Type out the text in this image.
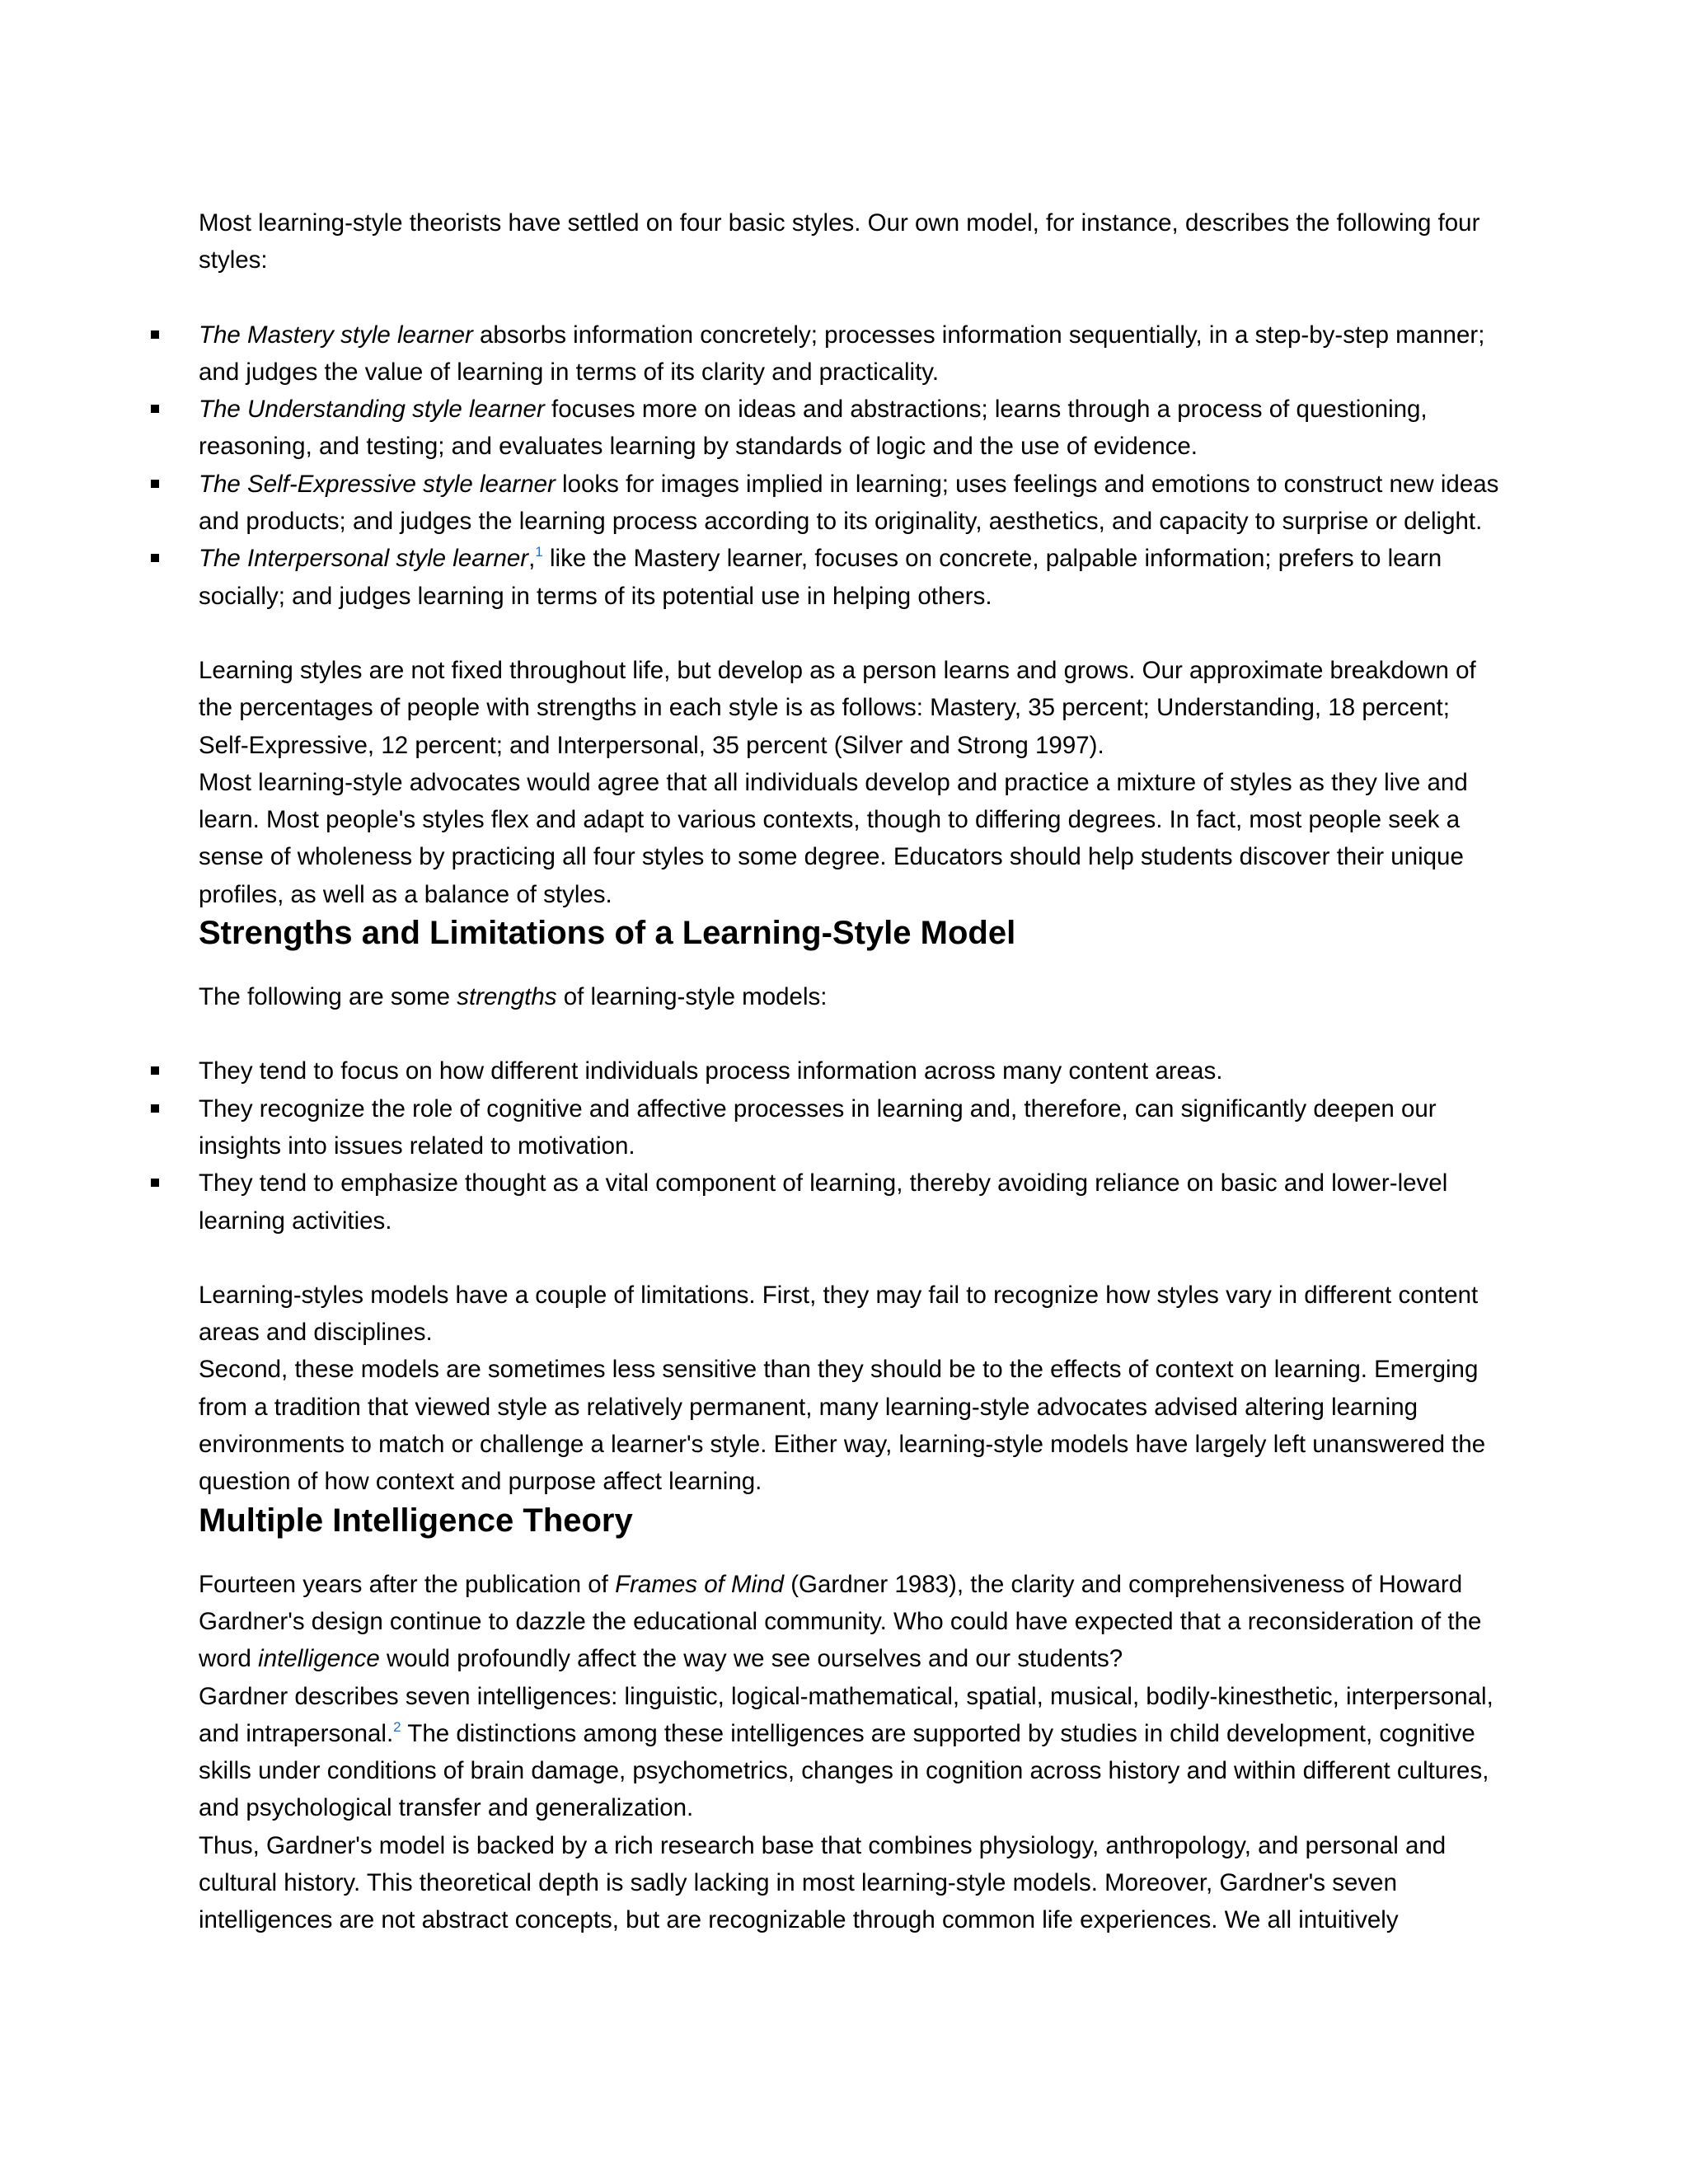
Most learning-style theorists have settled on four basic styles. Our own model, for instance, describes the following four styles:

The Mastery style learner absorbs information concretely; processes information sequentially, in a step-by-step manner; and judges the value of learning in terms of its clarity and practicality.
The Understanding style learner focuses more on ideas and abstractions; learns through a process of questioning, reasoning, and testing; and evaluates learning by standards of logic and the use of evidence.
The Self-Expressive style learner looks for images implied in learning; uses feelings and emotions to construct new ideas and products; and judges the learning process according to its originality, aesthetics, and capacity to surprise or delight.
The Interpersonal style learner,$^1$ like the Mastery learner, focuses on concrete, palpable information; prefers to learn socially; and judges learning in terms of its potential use in helping others.

Learning styles are not fixed throughout life, but develop as a person learns and grows. Our approximate breakdown of the percentages of people with strengths in each style is as follows: Mastery, 35 percent; Understanding, 18 percent; Self-Expressive, 12 percent; and Interpersonal, 35 percent (Silver and Strong 1997).

Most learning-style advocates would agree that all individuals develop and practice a mixture of styles as they live and learn. Most people's styles flex and adapt to various contexts, though to differing degrees. In fact, most people seek a sense of wholeness by practicing all four styles to some degree. Educators should help students discover their unique profiles, as well as a balance of styles.

Strengths and Limitations of a Learning-Style Model

The following are some strengths of learning-style models:

They tend to focus on how different individuals process information across many content areas.
They recognize the role of cognitive and affective processes in learning and, therefore, can significantly deepen our insights into issues related to motivation.
They tend to emphasize thought as a vital component of learning, thereby avoiding reliance on basic and lower-level learning activities.

Learning-styles models have a couple of limitations. First, they may fail to recognize how styles vary in different content areas and disciplines.

Second, these models are sometimes less sensitive than they should be to the effects of context on learning. Emerging from a tradition that viewed style as relatively permanent, many learning-style advocates advised altering learning environments to match or challenge a learner's style. Either way, learning-style models have largely left unanswered the question of how context and purpose affect learning.

Multiple Intelligence Theory

Fourteen years after the publication of Frames of Mind (Gardner 1983), the clarity and comprehensiveness of Howard Gardner's design continue to dazzle the educational community. Who could have expected that a reconsideration of the word intelligence would profoundly affect the way we see ourselves and our students?

Gardner describes seven intelligences: linguistic, logical-mathematical, spatial, musical, bodily-kinesthetic, interpersonal, and intrapersonal.$^2$ The distinctions among these intelligences are supported by studies in child development, cognitive skills under conditions of brain damage, psychometrics, changes in cognition across history and within different cultures, and psychological transfer and generalization.

Thus, Gardner's model is backed by a rich research base that combines physiology, anthropology, and personal and cultural history. This theoretical depth is sadly lacking in most learning-style models. Moreover, Gardner's seven intelligences are not abstract concepts, but are recognizable through common life experiences. We all intuitively
